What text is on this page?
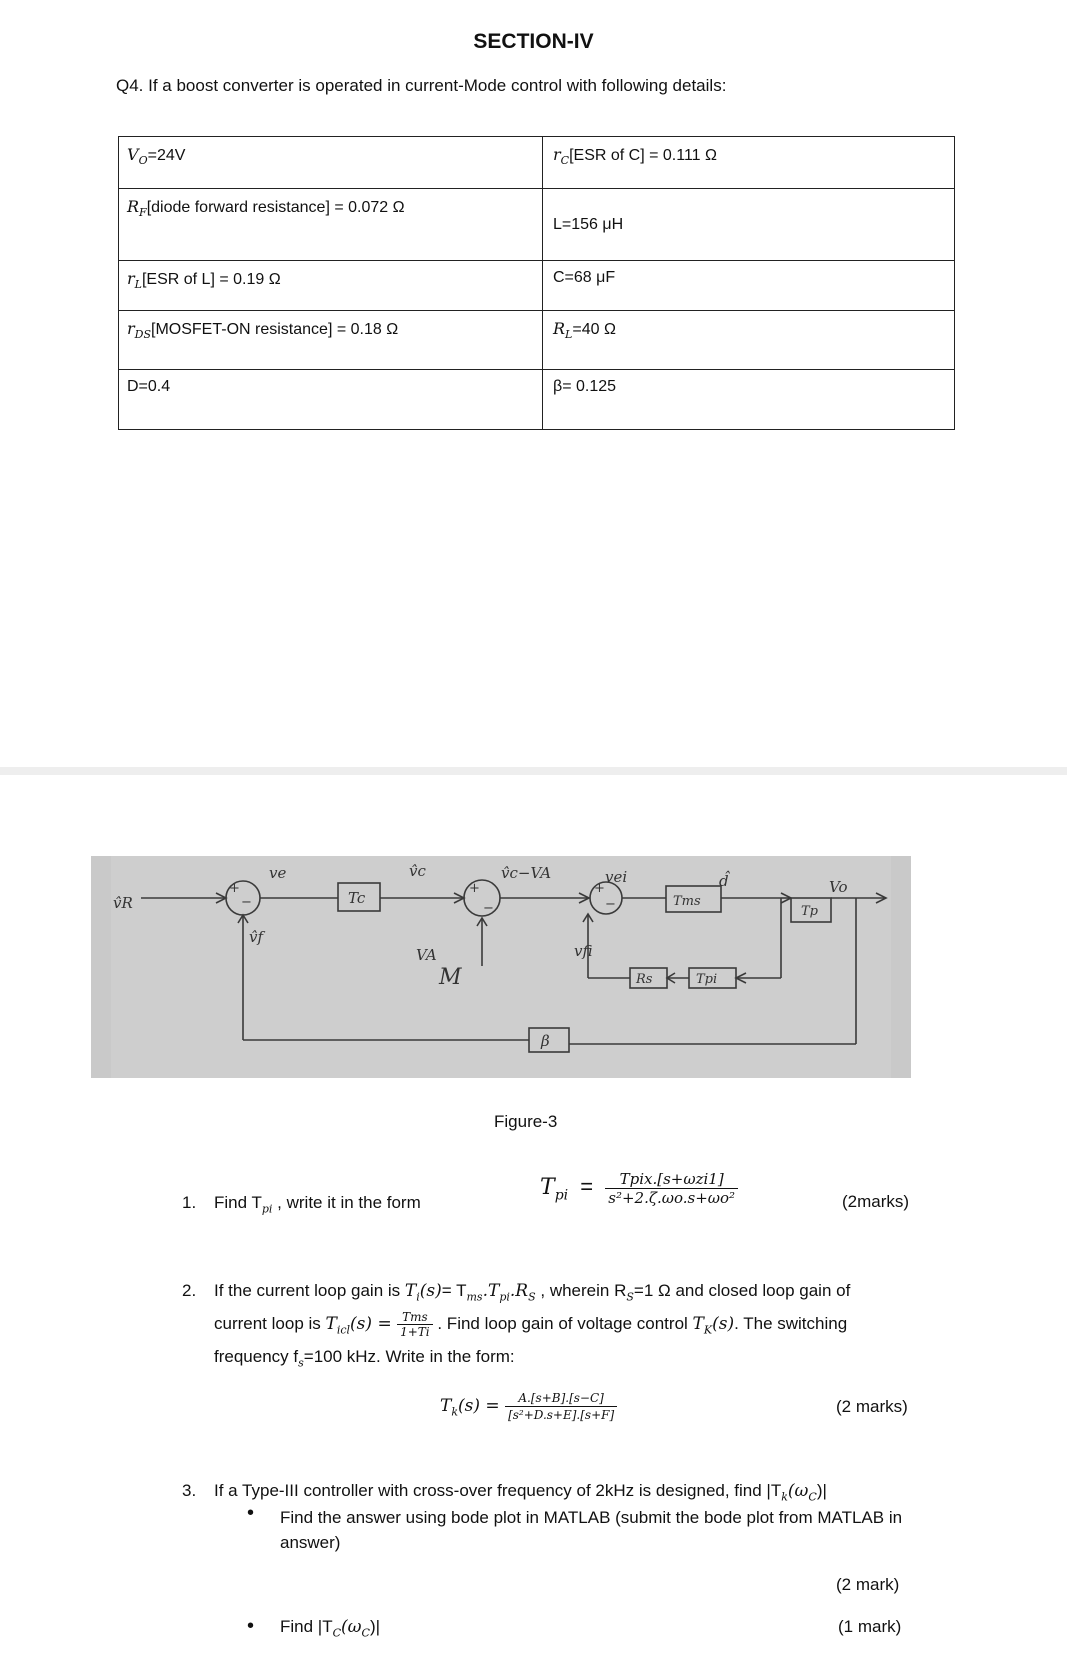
SECTION-IV
Q4. If a boost converter is operated in current-Mode control with following details:
$V_O=24V$	$r_C[ESR$ of C] = 0.111 Ω
$R_F[diode$ forward resistance] = 0.072 Ω	L=156 μH
$r_L[ESR$ of L] = 0.19 Ω	C=68 μF
$r_{DS}[MOSFET-ON$ resistance] = 0.18 Ω	$R_L=40$ Ω
D=0.4	β= 0.125
v̂R
ve
v̂f
Tc
v̂c	v̂c−VA
VA
M
vei
vfi
Tms
d̂
Tp
Vo
Rs	Tpi
β
+
−
+
−
+
−
Figure-3
1. Find $T_{pi}$ , write it in the form
$T_{pi} = \frac{\text{Tpix.[s+ωzi1]}}{\text{s²+2.ζ.ωo.s+ωo²}}$	(2marks)
2. If the current loop gain is $T_i(s)= T_{ms}.T_{pi}.R_S$ , wherein $R_S=1$ Ω and closed loop gain of
current loop is $T_{icl}(s) = \frac{\text{Tms}}{1+Ti}$ . Find loop gain of voltage control $T_K(s)$. The switching
frequency $f_s=100$ kHz. Write in the form:
$T_k(s) = \frac{A.[s+B].[s-C]}{\text{[s²+D.s+E].[s+F]}}$	(2 marks)
3. If a Type-III controller with cross-over frequency of 2kHz is designed, find $|T_k(\omega_C)|$
• Find the answer using bode plot in MATLAB (submit the bode plot from MATLAB in answer)
(2 mark)
• Find $|T_C(\omega_C)|$	(1 mark)
